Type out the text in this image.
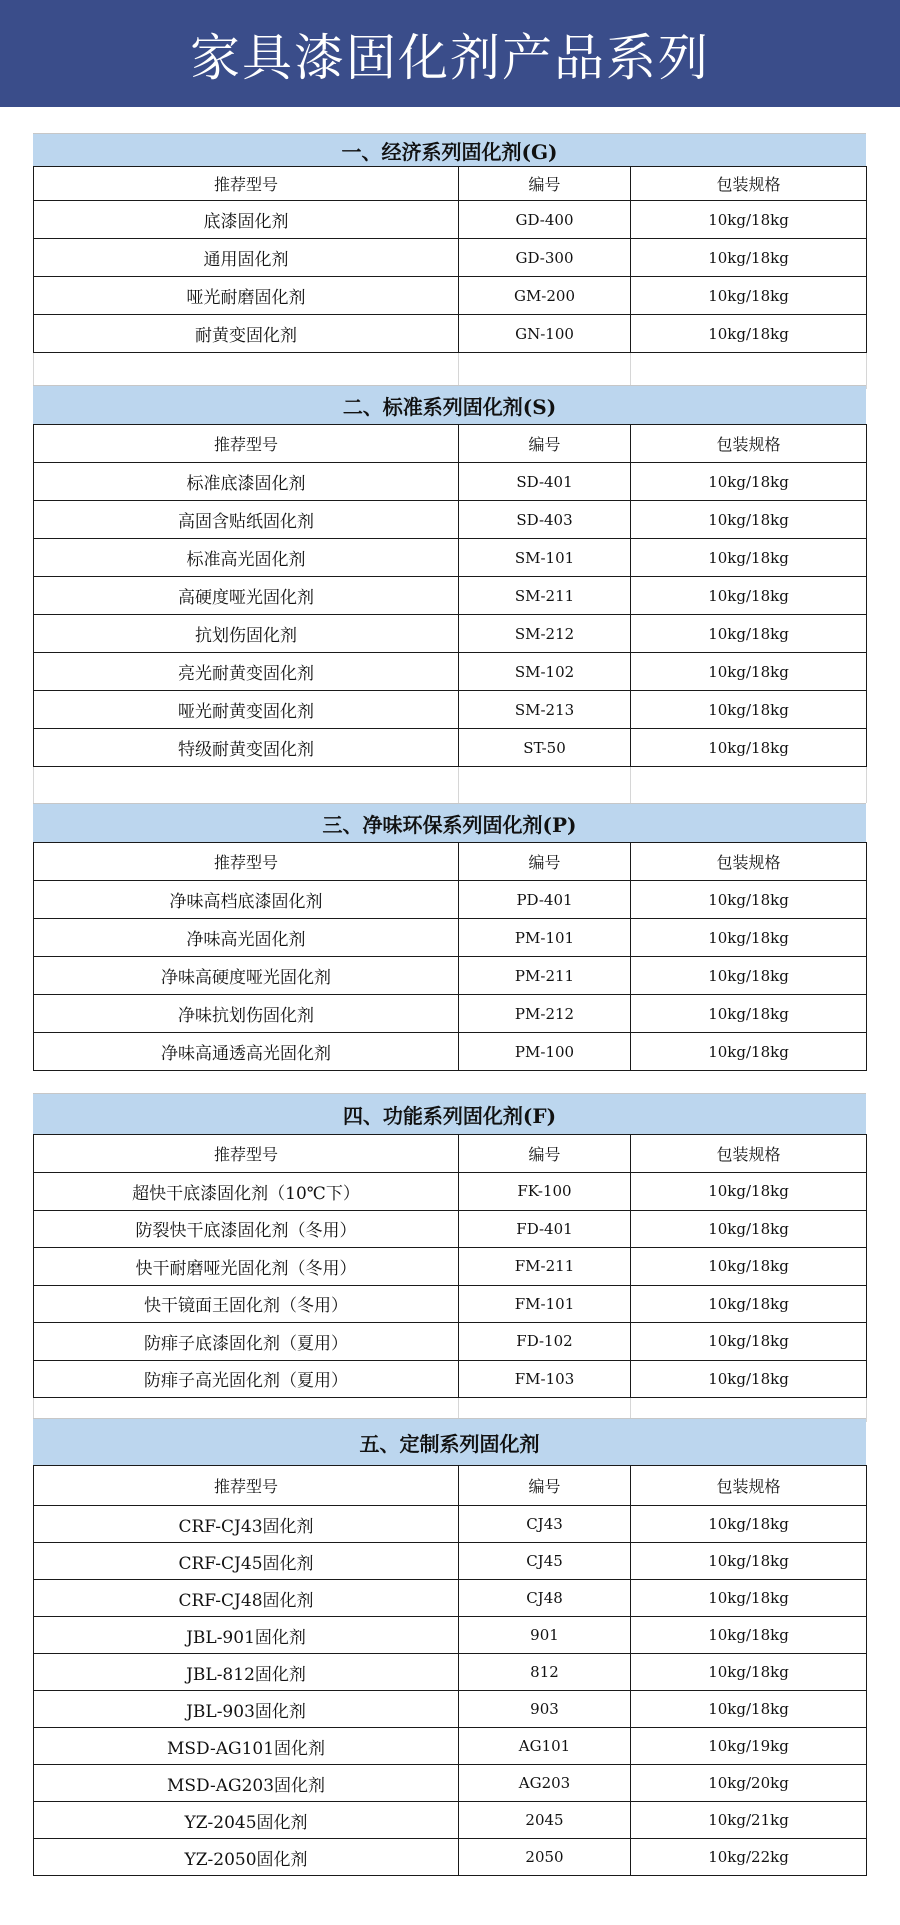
家具漆固化剂产品系列
一、经济系列固化剂(G)
推荐型号	编号	包装规格
底漆固化剂	GD-400	10kg/18kg
通用固化剂	GD-300	10kg/18kg
哑光耐磨固化剂	GM-200	10kg/18kg
耐黄变固化剂	GN-100	10kg/18kg

二、标准系列固化剂(S)
推荐型号	编号	包装规格
标准底漆固化剂	SD-401	10kg/18kg
高固含贴纸固化剂	SD-403	10kg/18kg
标准高光固化剂	SM-101	10kg/18kg
高硬度哑光固化剂	SM-211	10kg/18kg
抗划伤固化剂	SM-212	10kg/18kg
亮光耐黄变固化剂	SM-102	10kg/18kg
哑光耐黄变固化剂	SM-213	10kg/18kg
特级耐黄变固化剂	ST-50	10kg/18kg

三、净味环保系列固化剂(P)
推荐型号	编号	包装规格
净味高档底漆固化剂	PD-401	10kg/18kg
净味高光固化剂	PM-101	10kg/18kg
净味高硬度哑光固化剂	PM-211	10kg/18kg
净味抗划伤固化剂	PM-212	10kg/18kg
净味高通透高光固化剂	PM-100	10kg/18kg
四、功能系列固化剂(F)
推荐型号	编号	包装规格
超快干底漆固化剂（10℃下）	FK-100	10kg/18kg
防裂快干底漆固化剂（冬用）	FD-401	10kg/18kg
快干耐磨哑光固化剂（冬用）	FM-211	10kg/18kg
快干镜面王固化剂（冬用）	FM-101	10kg/18kg
防痱子底漆固化剂（夏用）	FD-102	10kg/18kg
防痱子高光固化剂（夏用）	FM-103	10kg/18kg

五、定制系列固化剂
推荐型号	编号	包装规格
CRF-CJ43固化剂	CJ43	10kg/18kg
CRF-CJ45固化剂	CJ45	10kg/18kg
CRF-CJ48固化剂	CJ48	10kg/18kg
JBL-901固化剂	901	10kg/18kg
JBL-812固化剂	812	10kg/18kg
JBL-903固化剂	903	10kg/18kg
MSD-AG101固化剂	AG101	10kg/19kg
MSD-AG203固化剂	AG203	10kg/20kg
YZ-2045固化剂	2045	10kg/21kg
YZ-2050固化剂	2050	10kg/22kg
